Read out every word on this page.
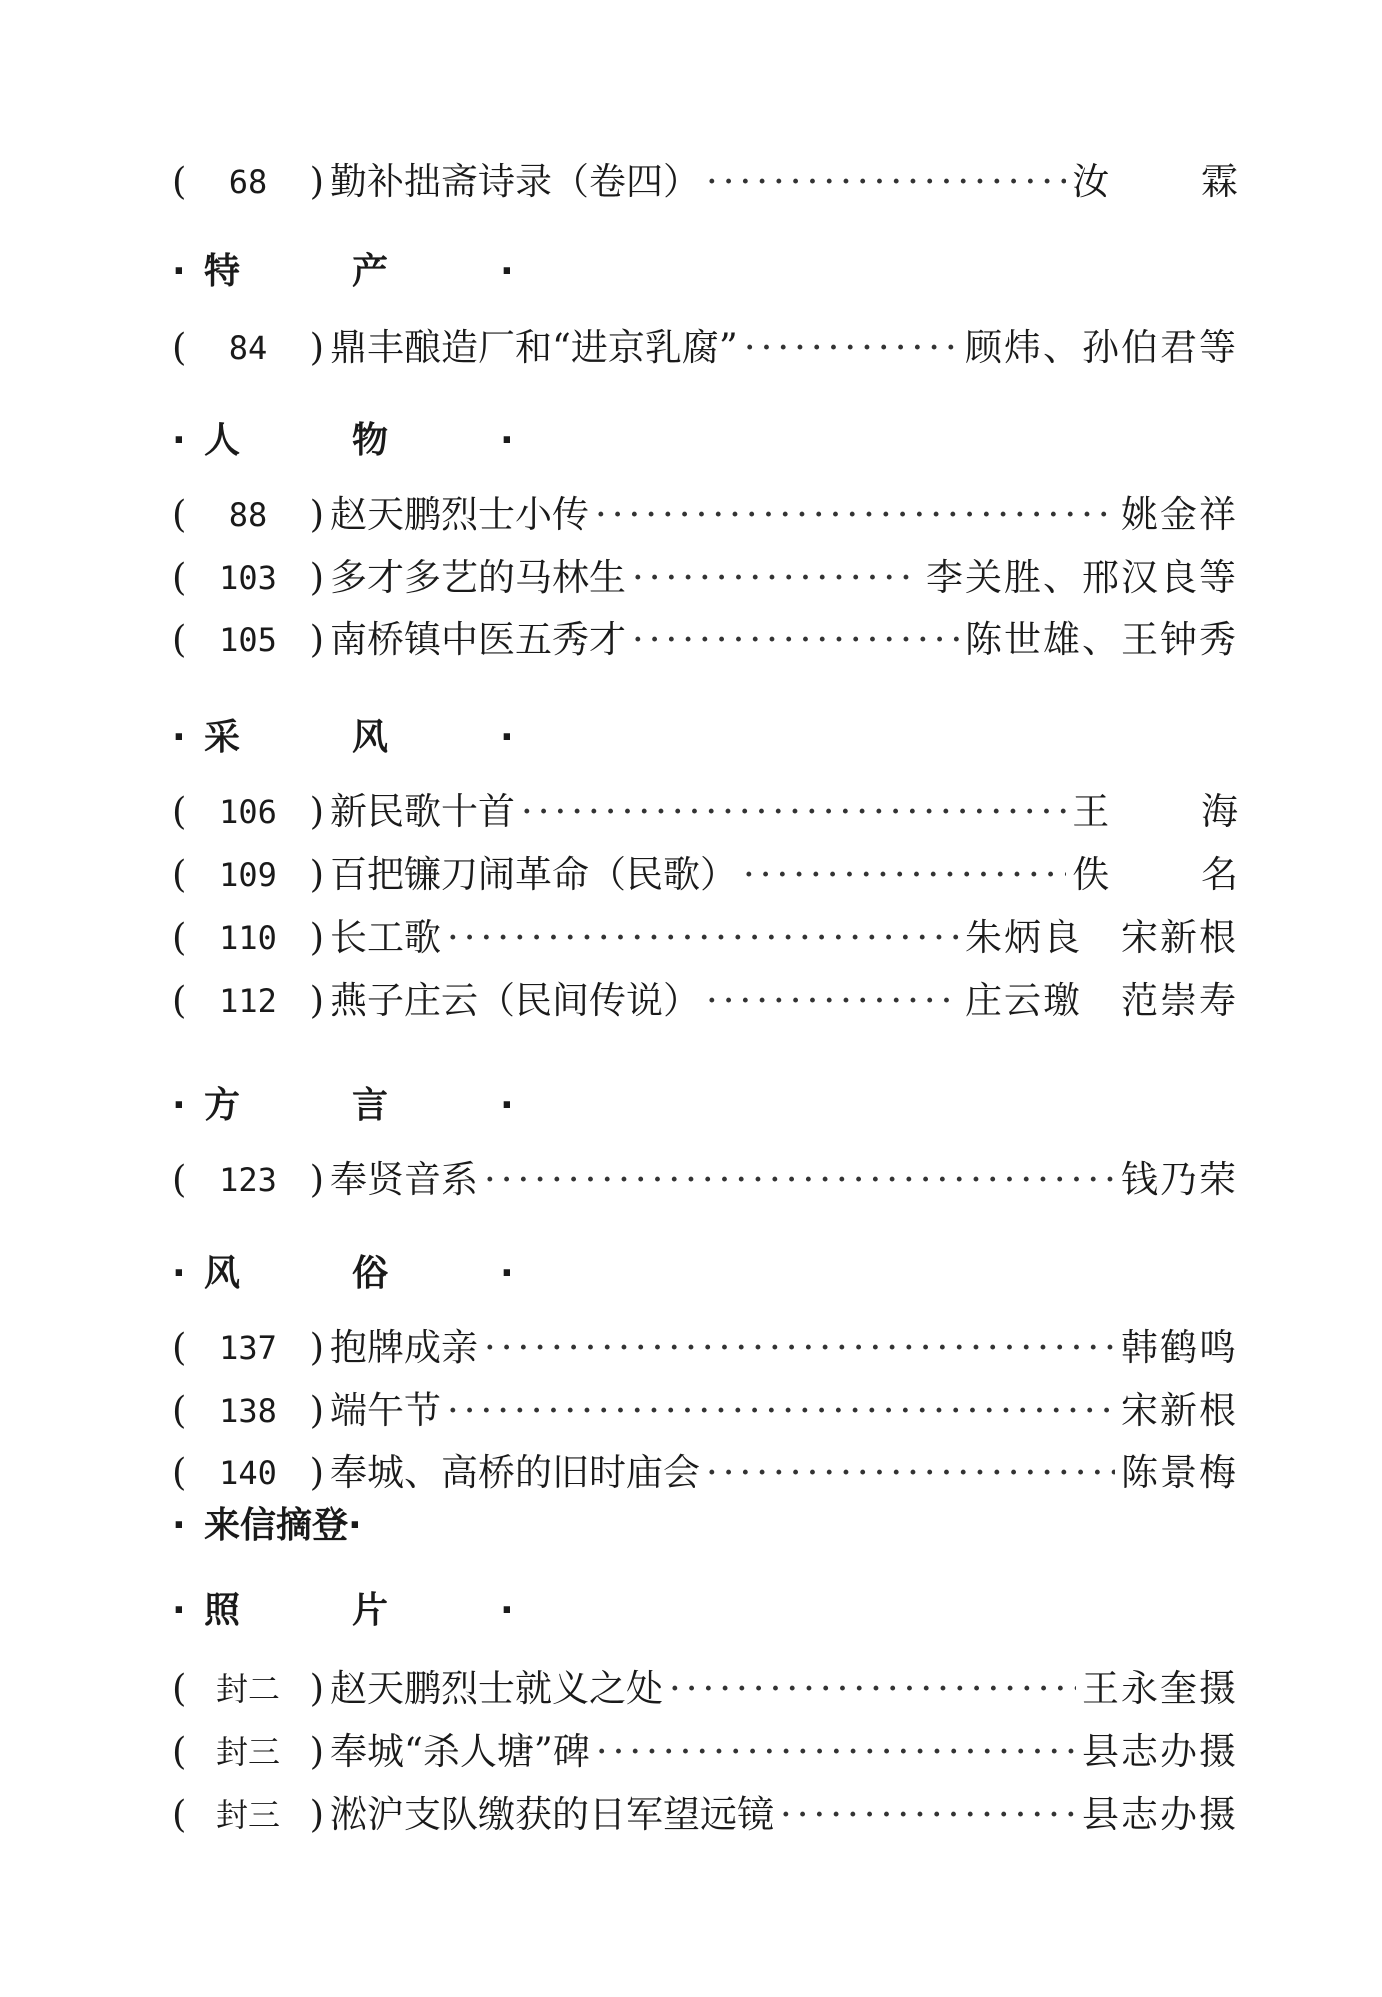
(	68	) 勤补拙斋诗录（卷四） ·····	汝 霖
· 特产·
(	84	) 鼎丰酿造厂和“进京乳腐” ·····	顾炜、孙伯君等
· 人物·
(	88	) 赵天鹏烈士小传 ·····	姚金祥
(	103 ) 多才多艺的马林生 ·····	李关胜、邢汉良等
(	105 ) 南桥镇中医五秀才 ·····	陈世雄、王钟秀
· 采风·
(	106 ) 新民歌十首 ·····	王 海
(	109 ) 百把镰刀闹革命（民歌） ·····	佚 名
(	110 ) 长工歌 ·····	朱炳良　宋新根
(	112 ) 燕子庄云（民间传说） ·····	庄云璬　范崇寿
· 方言·
(	123 ) 奉贤音系 ·····	钱乃荣
· 风俗·
(	137 ) 抱牌成亲 ·····	韩鹤鸣
(	138 ) 端午节 ·····	宋新根
(	140 ) 奉城、高桥的旧时庙会 ·····	陈景梅
· 来信摘登·
· 照片·
( 封二 ) 赵天鹏烈士就义之处 ·····	王永奎摄
( 封三 ) 奉城“杀人塘”碑 ·····	县志办摄
( 封三 ) 淞沪支队缴获的日军望远镜 ·····	县志办摄
